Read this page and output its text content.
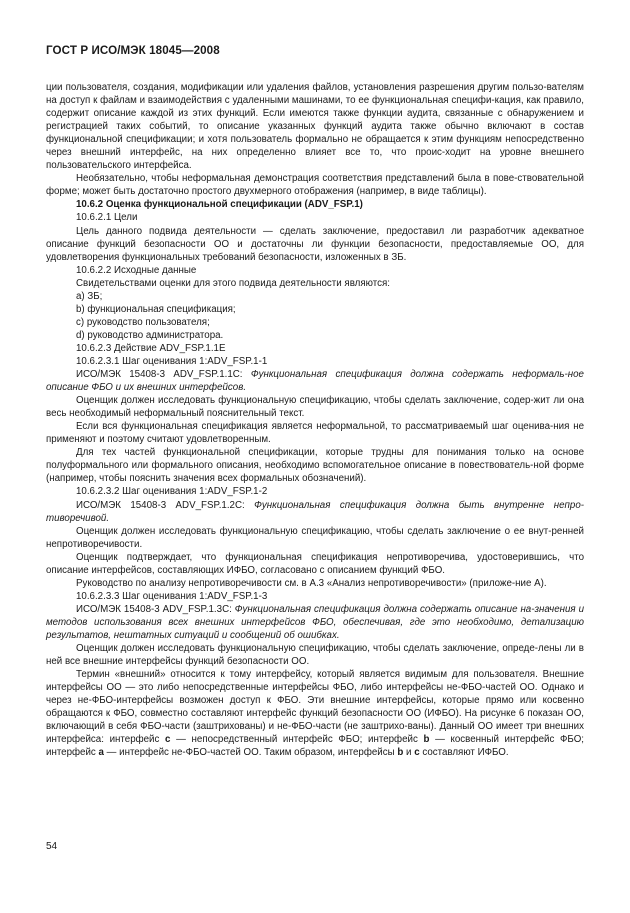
ГОСТ Р ИСО/МЭК 18045—2008

ции пользователя, создания, модификации или удаления файлов, установления разрешения другим пользо-вателям на доступ к файлам и взаимодействия с удаленными машинами, то ее функциональная специфи-кация, как правило, содержит описание каждой из этих функций. Если имеются также функции аудита, связанные с обнаружением и регистрацией таких событий, то описание указанных функций аудита также обычно включают в состав функциональной спецификации; и хотя пользователь формально не обращается к этим функциям непосредственно через внешний интерфейс, на них определенно влияет все то, что проис-ходит на уровне внешнего пользовательского интерфейса.

Необязательно, чтобы неформальная демонстрация соответствия представлений была в пове-ствовательной форме; может быть достаточно простого двухмерного отображения (например, в виде таблицы).

10.6.2 Оценка функциональной спецификации (ADV_FSP.1)

10.6.2.1 Цели

Цель данного подвида деятельности — сделать заключение, предоставил ли разработчик адекватное описание функций безопасности ОО и достаточны ли функции безопасности, предоставляемые ОО, для удовлетворения функциональных требований безопасности, изложенных в ЗБ.

10.6.2.2 Исходные данные

Свидетельствами оценки для этого подвида деятельности являются:

a) ЗБ;

b) функциональная спецификация;

c) руководство пользователя;

d) руководство администратора.

10.6.2.3 Действие ADV_FSP.1.1E

10.6.2.3.1 Шаг оценивания 1:ADV_FSP.1-1

ИСО/МЭК 15408-3 ADV_FSP.1.1C: Функциональная спецификация должна содержать неформаль-ное описание ФБО и их внешних интерфейсов.

Оценщик должен исследовать функциональную спецификацию, чтобы сделать заключение, содер-жит ли она весь необходимый неформальный пояснительный текст.

Если вся функциональная спецификация является неформальной, то рассматриваемый шаг оценива-ния не применяют и поэтому считают удовлетворенным.

Для тех частей функциональной спецификации, которые трудны для понимания только на основе полуформального или формального описания, необходимо вспомогательное описание в повествователь-ной форме (например, чтобы пояснить значения всех формальных обозначений).

10.6.2.3.2 Шаг оценивания 1:ADV_FSP.1-2

ИСО/МЭК 15408-3 ADV_FSP.1.2C: Функциональная спецификация должна быть внутренне непро-тиворечивой.

Оценщик должен исследовать функциональную спецификацию, чтобы сделать заключение о ее внут-ренней непротиворечивости.

Оценщик подтверждает, что функциональная спецификация непротиворечива, удостоверившись, что описание интерфейсов, составляющих ИФБО, согласовано с описанием функций ФБО.

Руководство по анализу непротиворечивости см. в А.3 «Анализ непротиворечивости» (приложе-ние А).

10.6.2.3.3 Шаг оценивания 1:ADV_FSP.1-3

ИСО/МЭК 15408-3 ADV_FSP.1.3C: Функциональная спецификация должна содержать описание на-значения и методов использования всех внешних интерфейсов ФБО, обеспечивая, где это необходимо, детализацию результатов, нештатных ситуаций и сообщений об ошибках.

Оценщик должен исследовать функциональную спецификацию, чтобы сделать заключение, опреде-лены ли в ней все внешние интерфейсы функций безопасности ОО.

Термин «внешний» относится к тому интерфейсу, который является видимым для пользователя. Внешние интерфейсы ОО — это либо непосредственные интерфейсы ФБО, либо интерфейсы не-ФБО-частей ОО. Однако и через не-ФБО-интерфейсы возможен доступ к ФБО. Эти внешние интерфейсы, которые прямо или косвенно обращаются к ФБО, совместно составляют интерфейс функций безопасности ОО (ИФБО). На рисунке 6 показан ОО, включающий в себя ФБО-части (заштрихованы) и не-ФБО-части (не заштрихо-ваны). Данный ОО имеет три внешних интерфейса: интерфейс c — непосредственный интерфейс ФБО; интерфейс b — косвенный интерфейс ФБО; интерфейс a — интерфейс не-ФБО-частей ОО. Таким образом, интерфейсы b и c составляют ИФБО.

54
